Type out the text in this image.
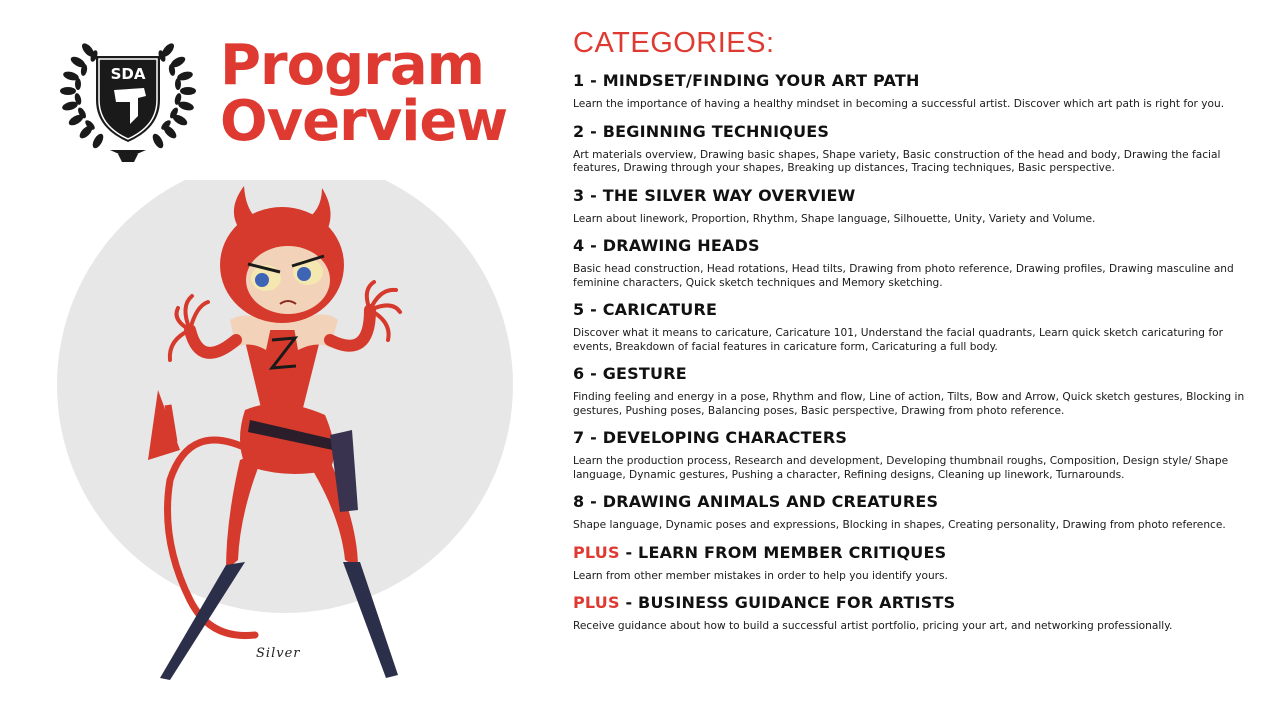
SDA Program
Overview
Silver
CATEGORIES:
1 - MINDSET/FINDING YOUR ART PATH

Learn the importance of having a healthy mindset in becoming a successful artist. Discover which art path is right for you.

2 - BEGINNING TECHNIQUES

Art materials overview, Drawing basic shapes, Shape variety, Basic construction of the head and body, Drawing the facial features, Drawing through your shapes, Breaking up distances, Tracing techniques, Basic perspective.

3 - THE SILVER WAY OVERVIEW

Learn about linework, Proportion, Rhythm, Shape language, Silhouette, Unity, Variety and Volume.

4 - DRAWING HEADS

Basic head construction, Head rotations, Head tilts, Drawing from photo reference, Drawing profiles, Drawing masculine and feminine characters, Quick sketch techniques and Memory sketching.

5 - CARICATURE

Discover what it means to caricature, Caricature 101, Understand the facial quadrants, Learn quick sketch caricaturing for events, Breakdown of facial features in caricature form, Caricaturing a full body.

6 - GESTURE

Finding feeling and energy in a pose, Rhythm and flow, Line of action, Tilts, Bow and Arrow, Quick sketch gestures, Blocking in gestures, Pushing poses, Balancing poses, Basic perspective, Drawing from photo reference.

7 - DEVELOPING CHARACTERS

Learn the production process, Research and development, Developing thumbnail roughs, Composition, Design style/ Shape language, Dynamic gestures, Pushing a character, Refining designs, Cleaning up linework, Turnarounds.

8 - DRAWING ANIMALS AND CREATURES

Shape language, Dynamic poses and expressions, Blocking in shapes, Creating personality, Drawing from photo reference.

PLUS - LEARN FROM MEMBER CRITIQUES

Learn from other member mistakes in order to help you identify yours.

PLUS - BUSINESS GUIDANCE FOR ARTISTS

Receive guidance about how to build a successful artist portfolio, pricing your art, and networking professionally.
